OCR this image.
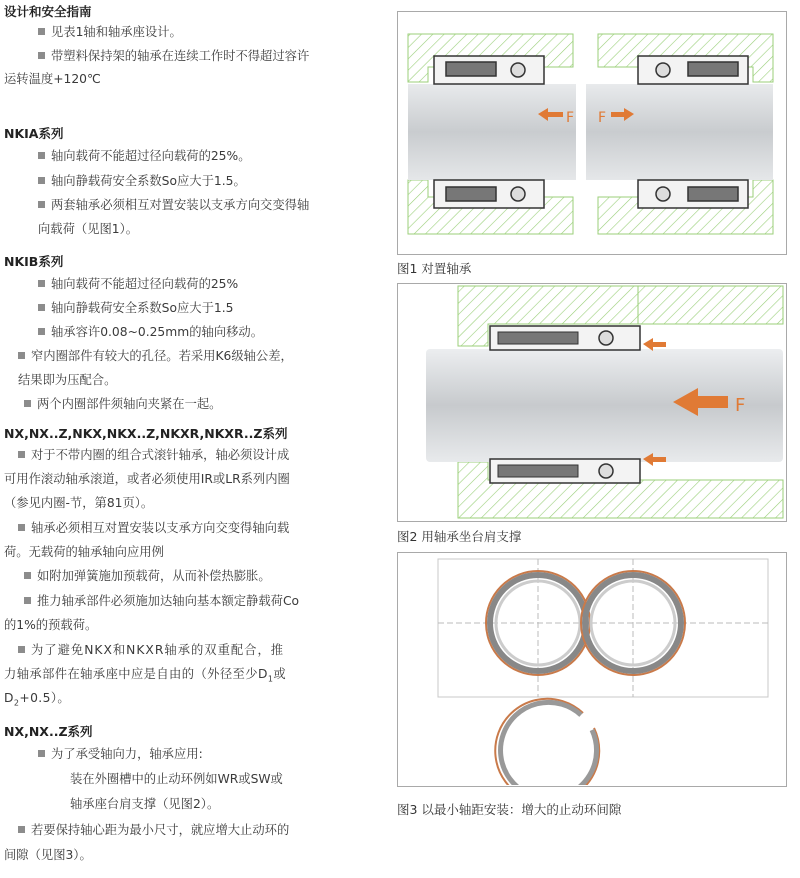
设计和安全指南
见表1轴和轴承座设计。
带塑料保持架的轴承在连续工作时不得超过容许
运转温度+120℃
NKIA系列
轴向载荷不能超过径向载荷的25%。
轴向静载荷安全系数So应大于1.5。
两套轴承必须相互对置安装以支承方向交变得轴
向载荷（见图1）。
NKIB系列
轴向载荷不能超过径向载荷的25%
轴向静载荷安全系数So应大于1.5
轴承容许0.08~0.25mm的轴向移动。
窄内圈部件有较大的孔径。若采用K6级轴公差，
结果即为压配合。
两个内圈部件须轴向夹紧在一起。
NX,NX..Z,NKX,NKX..Z,NKXR,NKXR..Z系列
对于不带内圈的组合式滚针轴承，轴必须设计成
可用作滚动轴承滚道，或者必须使用IR或LR系列内圈
（参见内圈-节，第81页）。
轴承必须相互对置安装以支承方向交变得轴向载
荷。无载荷的轴承轴向应用例
如附加弹簧施加预载荷，从而补偿热膨胀。
推力轴承部件必须施加达轴向基本额定静载荷Co
的1%的预载荷。
为了避免NKX和NKXR轴承的双重配合，推
力轴承部件在轴承座中应是自由的（外径至少$D_1$或
$D_2+0.5$）。
NX,NX..Z系列
为了承受轴向力，轴承应用:
装在外圈槽中的止动环例如WR或SW或
轴承座台肩支撑（见图2）。
若要保持轴心距为最小尺寸，就应增大止动环的
间隙（见图3）。
F F
图1 对置轴承
F
图2 用轴承坐台肩支撑
图3 以最小轴距安装：增大的止动环间隙
